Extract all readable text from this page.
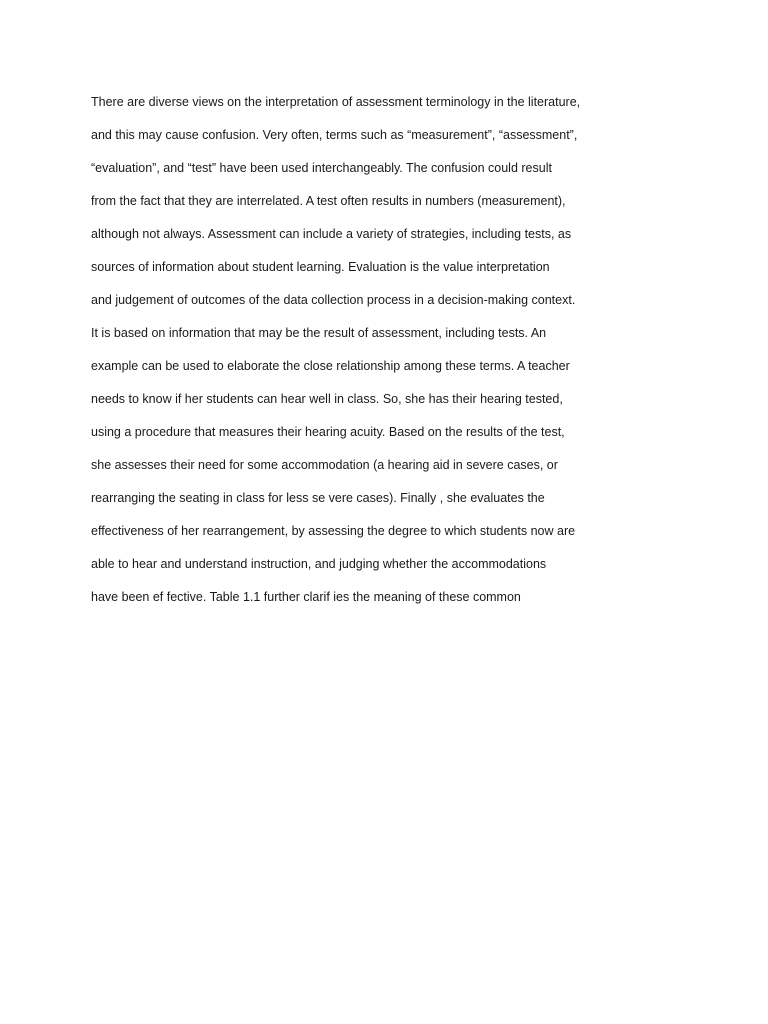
There are diverse views on the interpretation of assessment terminology in the literature,
and this may cause confusion. Very often, terms such as “measurement”, “assessment”,
“evaluation”, and “test” have been used interchangeably. The confusion could result
from the fact that they are interrelated. A test often results in numbers (measurement),
although not always. Assessment can include a variety of strategies, including tests, as
sources of information about student learning. Evaluation is the value interpretation
and judgement of outcomes of the data collection process in a decision-making context.
It is based on information that may be the result of assessment, including tests. An
example can be used to elaborate the close relationship among these terms. A teacher
needs to know if her students can hear well in class. So, she has their hearing tested,
using a procedure that measures their hearing acuity. Based on the results of the test,
she assesses their need for some accommodation (a hearing aid in severe cases, or
rearranging the seating in class for less se vere cases). Finally , she evaluates the
effectiveness of her rearrangement, by assessing the degree to which students now are
able to hear and understand instruction, and judging whether the accommodations
have been ef fective. Table 1.1 further clarif ies the meaning of these common
